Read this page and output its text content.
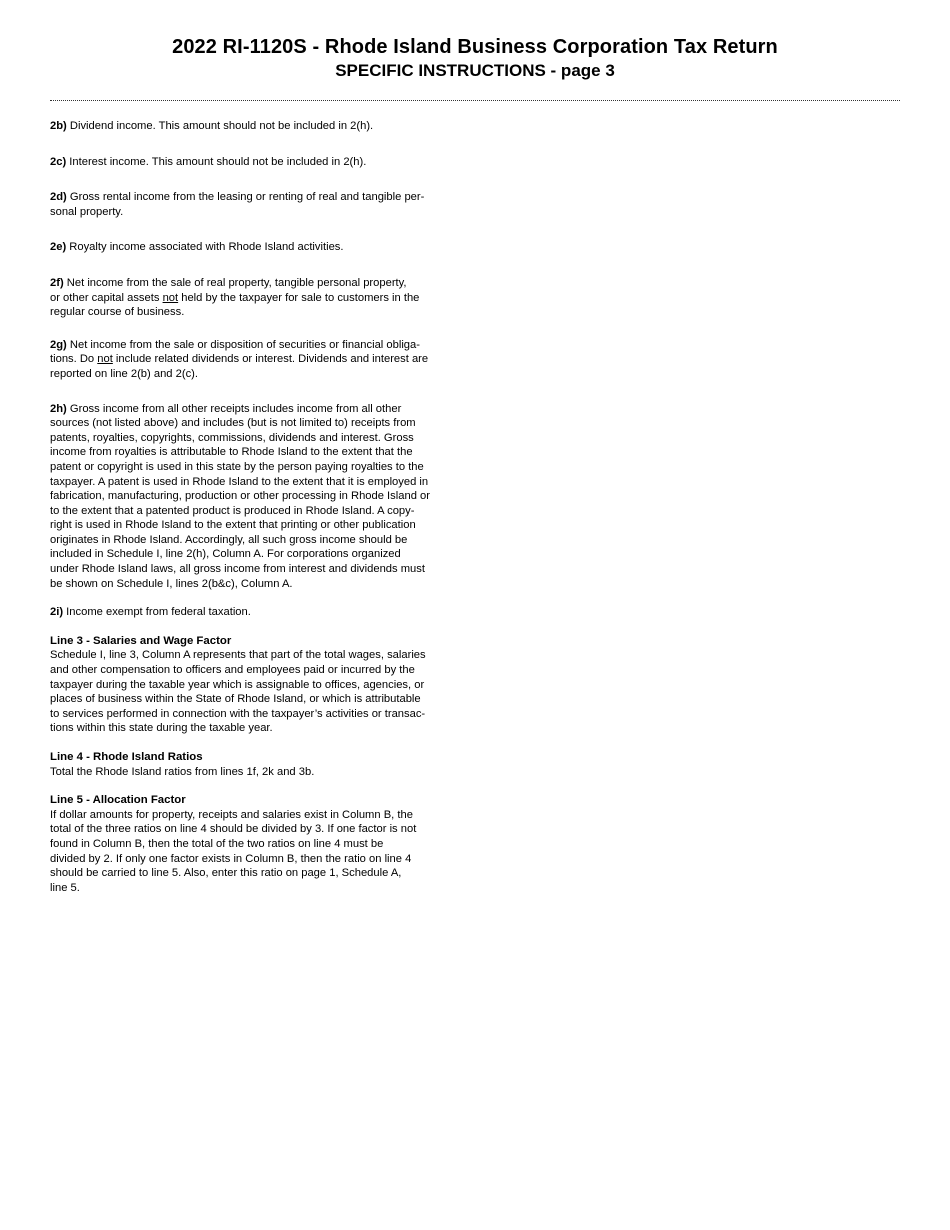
2022 RI-1120S - Rhode Island Business Corporation Tax Return

SPECIFIC INSTRUCTIONS - page 3

2b) Dividend income. This amount should not be included in 2(h).

2c) Interest income. This amount should not be included in 2(h).

2d) Gross rental income from the leasing or renting of real and tangible per-
sonal property.

2e) Royalty income associated with Rhode Island activities.

2f) Net income from the sale of real property, tangible personal property,
or other capital assets not held by the taxpayer for sale to customers in the
regular course of business.

2g) Net income from the sale or disposition of securities or financial obliga-
tions. Do not include related dividends or interest. Dividends and interest are
reported on line 2(b) and 2(c).

2h) Gross income from all other receipts includes income from all other
sources (not listed above) and includes (but is not limited to) receipts from
patents, royalties, copyrights, commissions, dividends and interest. Gross
income from royalties is attributable to Rhode Island to the extent that the
patent or copyright is used in this state by the person paying royalties to the
taxpayer. A patent is used in Rhode Island to the extent that it is employed in
fabrication, manufacturing, production or other processing in Rhode Island or
to the extent that a patented product is produced in Rhode Island. A copy-
right is used in Rhode Island to the extent that printing or other publication
originates in Rhode Island. Accordingly, all such gross income should be
included in Schedule I, line 2(h), Column A. For corporations organized
under Rhode Island laws, all gross income from interest and dividends must
be shown on Schedule I, lines 2(b&c), Column A.

2i) Income exempt from federal taxation.

Line 3 - Salaries and Wage Factor
Schedule I, line 3, Column A represents that part of the total wages, salaries
and other compensation to officers and employees paid or incurred by the
taxpayer during the taxable year which is assignable to offices, agencies, or
places of business within the State of Rhode Island, or which is attributable
to services performed in connection with the taxpayer’s activities or transac-
tions within this state during the taxable year.

Line 4 - Rhode Island Ratios
Total the Rhode Island ratios from lines 1f, 2k and 3b.

Line 5 - Allocation Factor
If dollar amounts for property, receipts and salaries exist in Column B, the
total of the three ratios on line 4 should be divided by 3. If one factor is not
found in Column B, then the total of the two ratios on line 4 must be
divided by 2. If only one factor exists in Column B, then the ratio on line 4
should be carried to line 5. Also, enter this ratio on page 1, Schedule A,
line 5.
